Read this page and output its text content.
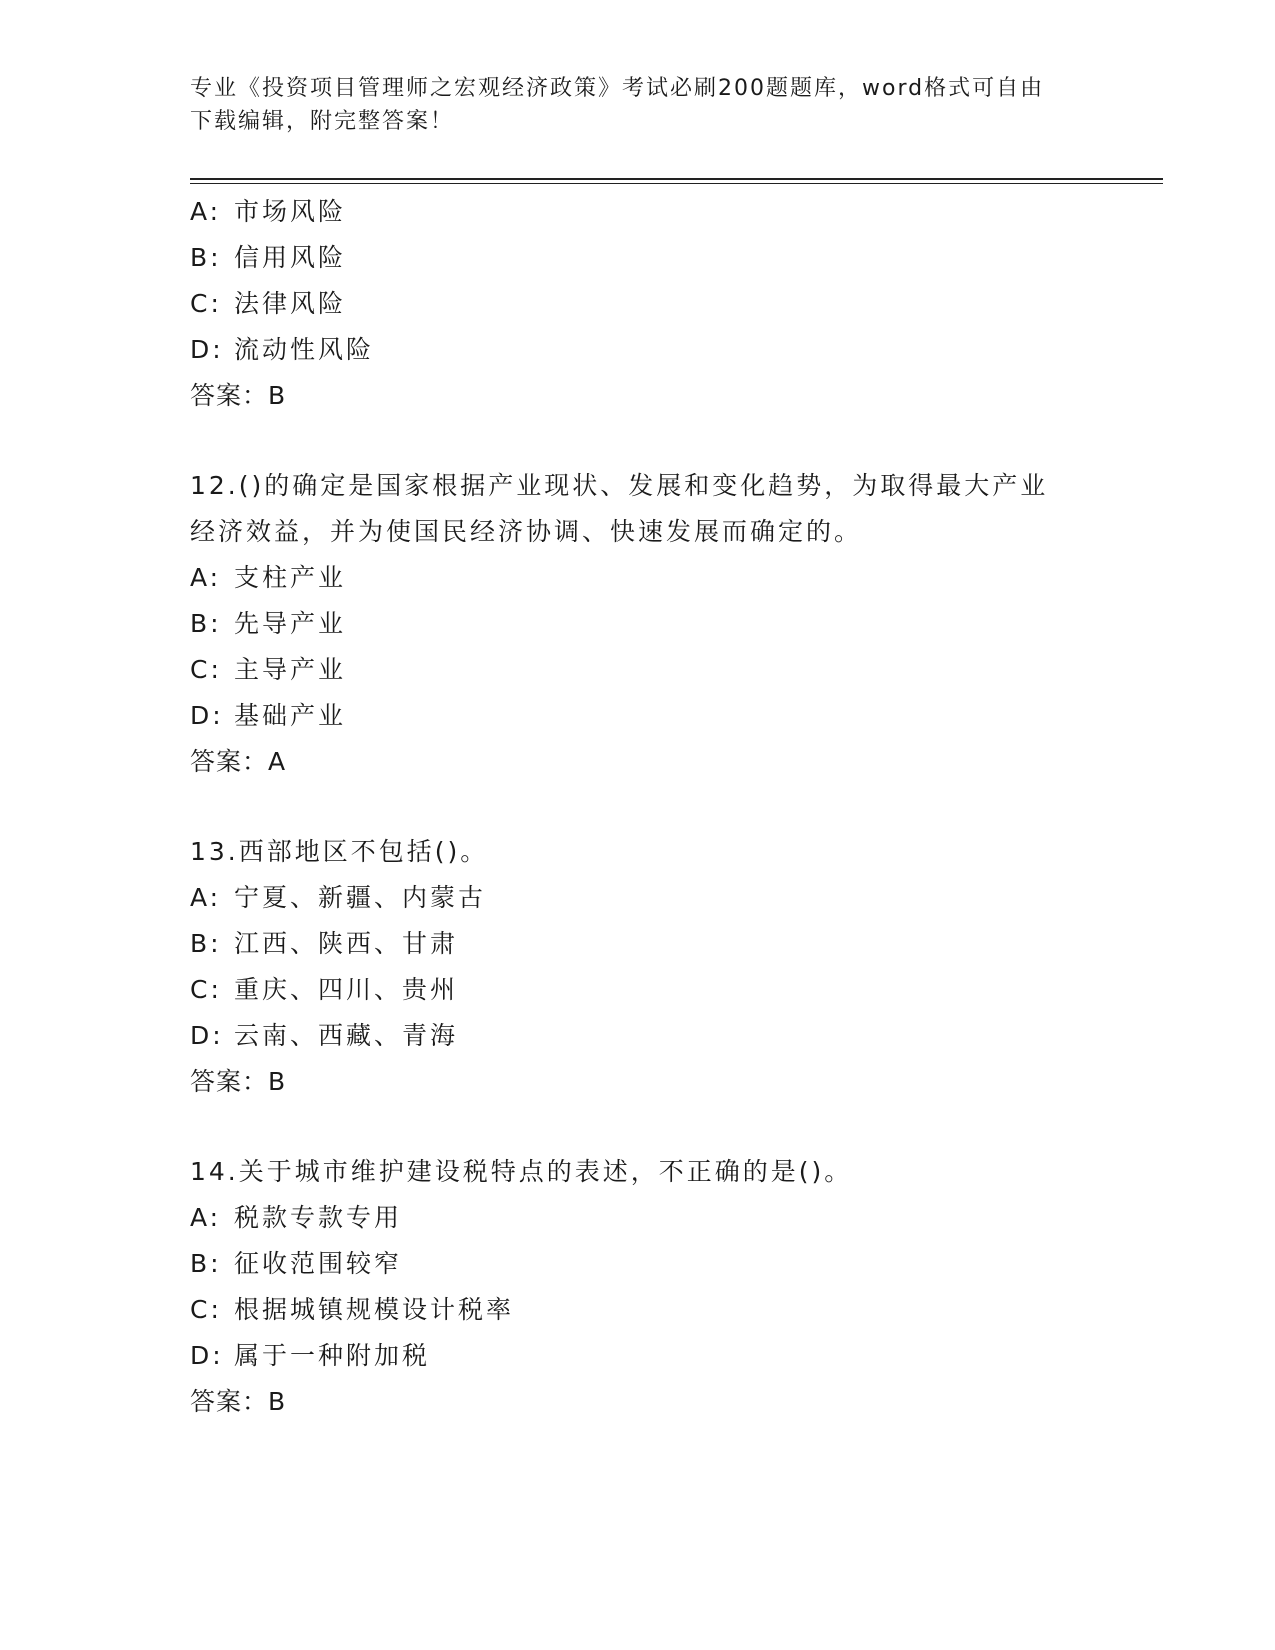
专业《投资项目管理师之宏观经济政策》考试必刷200题题库，word格式可自由
下载编辑，附完整答案！
A: 市场风险
B: 信用风险
C: 法律风险
D: 流动性风险
答案：B
12.()的确定是国家根据产业现状、发展和变化趋势，为取得最大产业
经济效益，并为使国民经济协调、快速发展而确定的。
A: 支柱产业
B: 先导产业
C: 主导产业
D: 基础产业
答案：A
13.西部地区不包括()。
A: 宁夏、新疆、内蒙古
B: 江西、陕西、甘肃
C: 重庆、四川、贵州
D: 云南、西藏、青海
答案：B
14.关于城市维护建设税特点的表述，不正确的是()。
A: 税款专款专用
B: 征收范围较窄
C: 根据城镇规模设计税率
D: 属于一种附加税
答案：B
